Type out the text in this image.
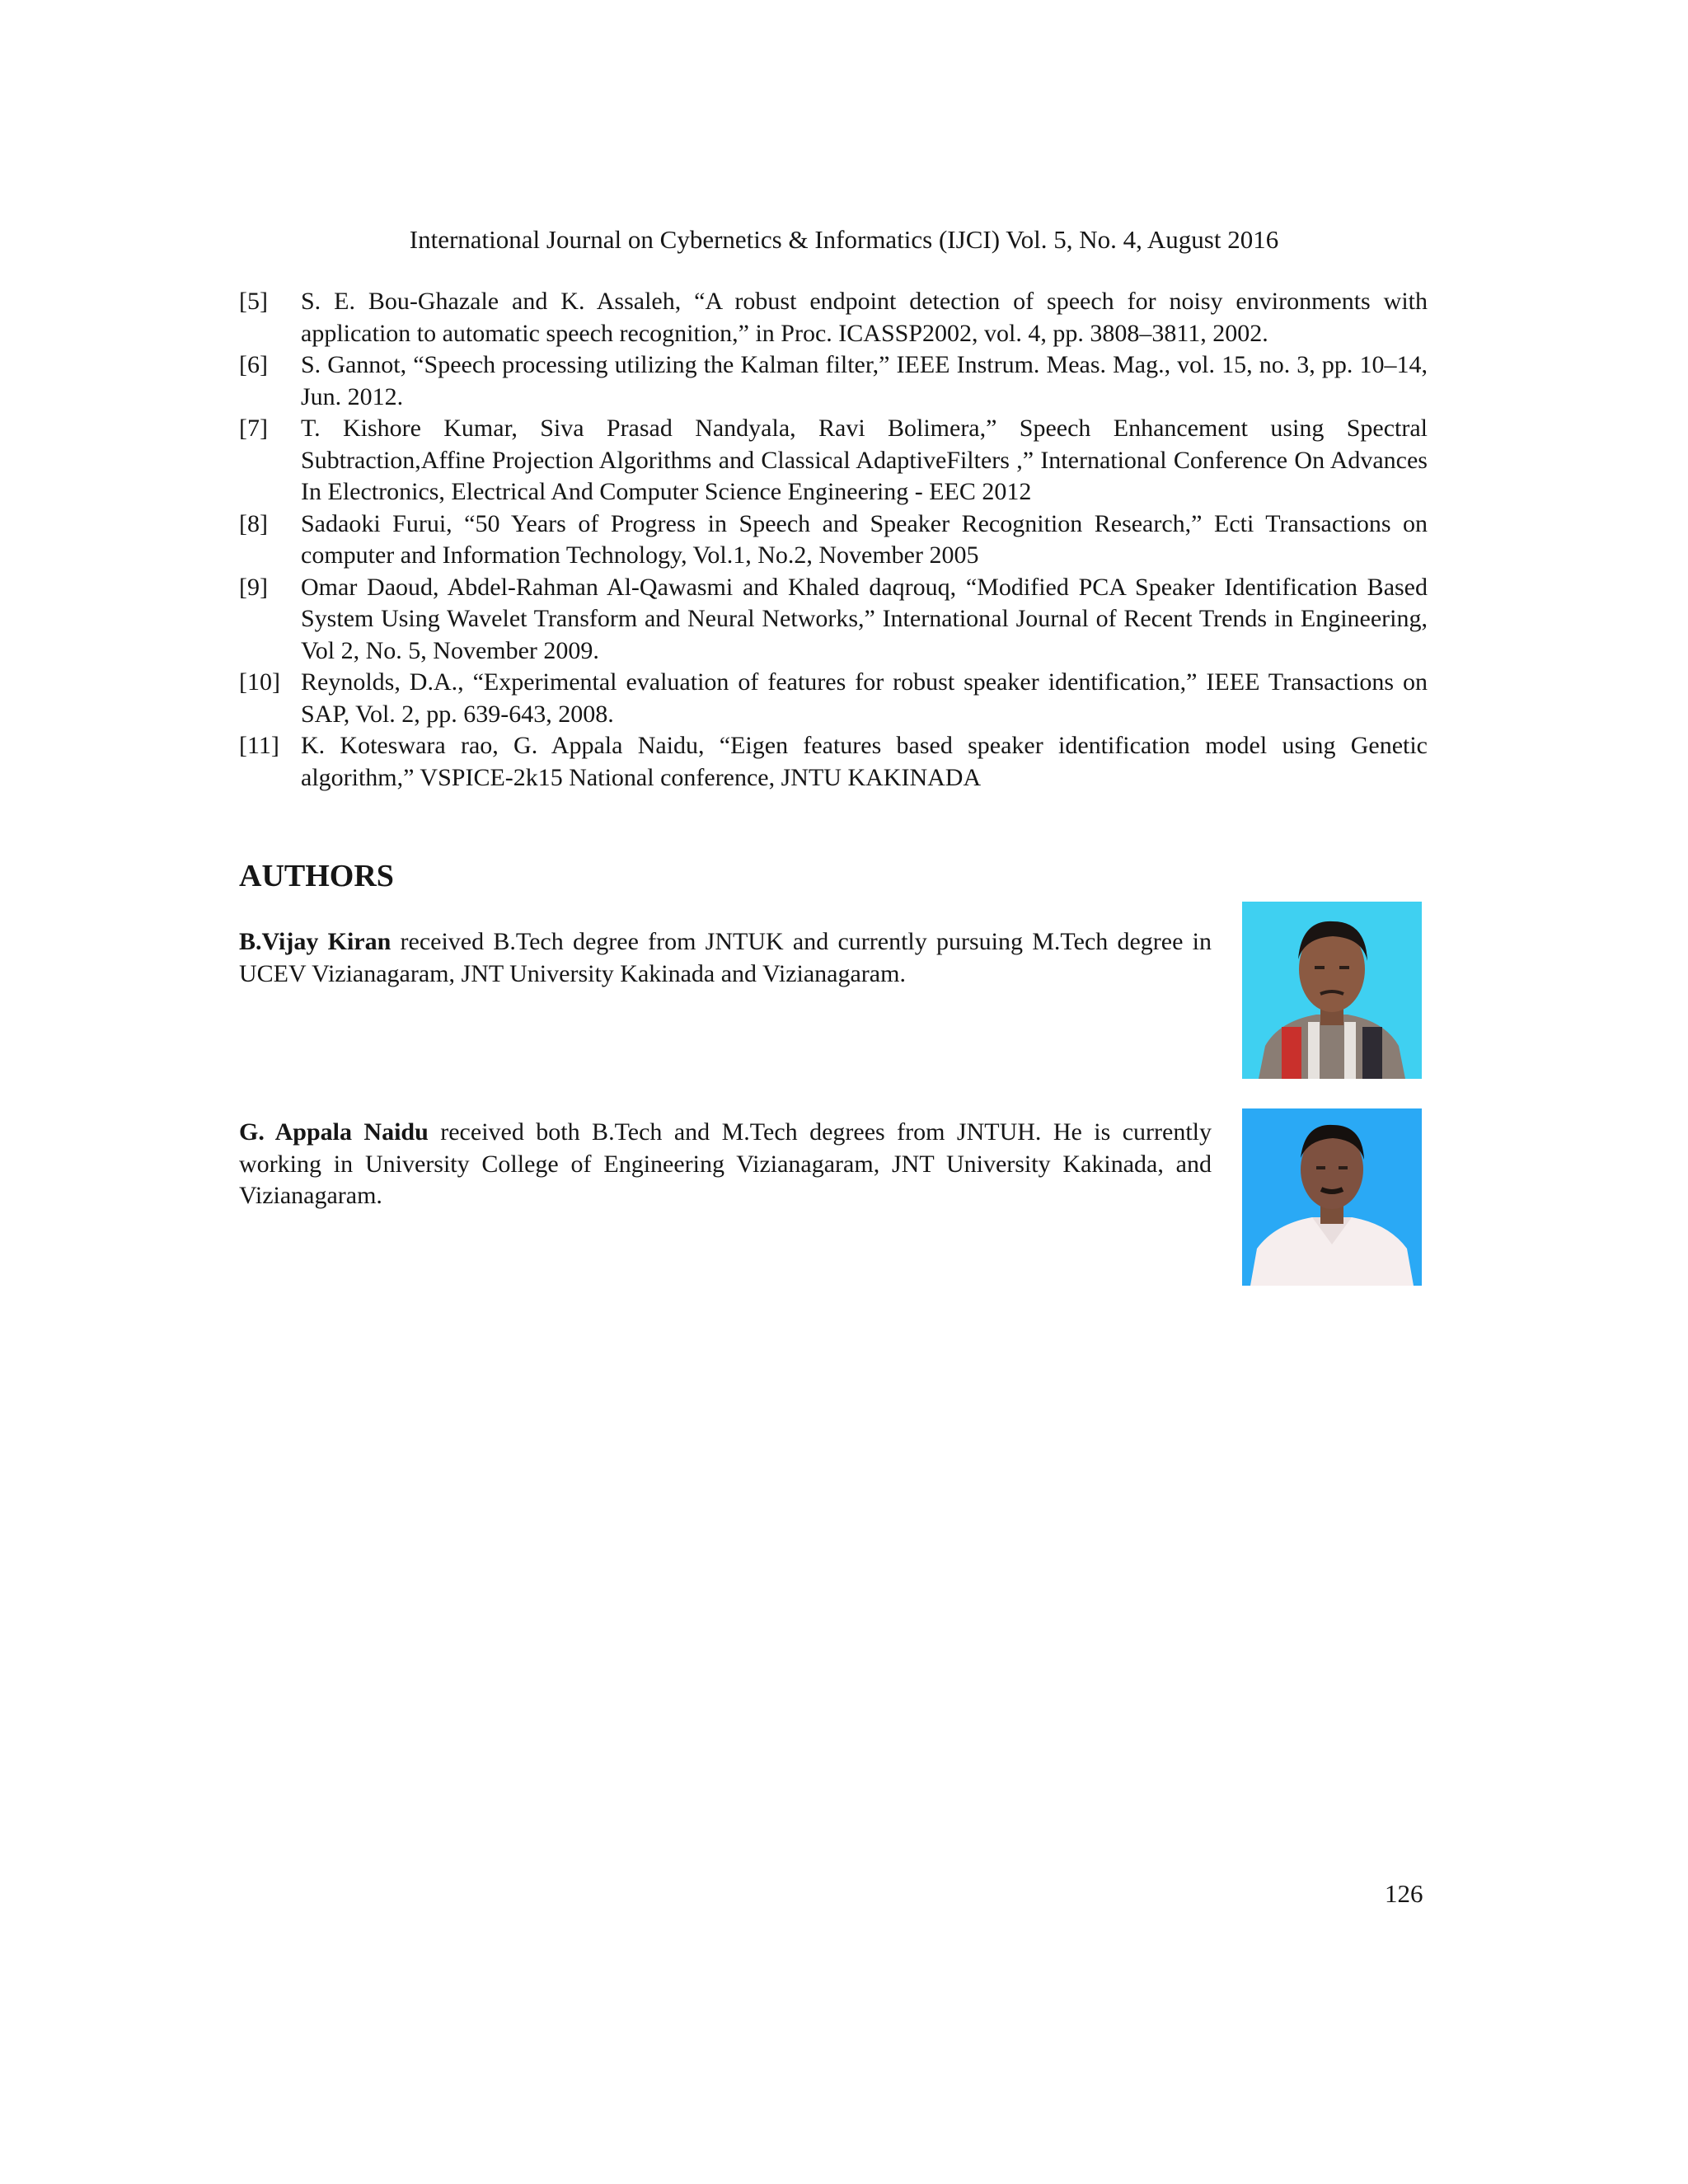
International Journal on Cybernetics & Informatics (IJCI) Vol. 5, No. 4, August 2016
[5] S. E. Bou-Ghazale and K. Assaleh, “A robust endpoint detection of speech for noisy environments with application to automatic speech recognition,” in Proc. ICASSP2002, vol. 4, pp. 3808–3811, 2002.
[6] S. Gannot, “Speech processing utilizing the Kalman filter,” IEEE Instrum. Meas. Mag., vol. 15, no. 3, pp. 10–14, Jun. 2012.
[7] T. Kishore Kumar, Siva Prasad Nandyala, Ravi Bolimera,” Speech Enhancement using Spectral Subtraction,Affine Projection Algorithms and Classical AdaptiveFilters ,” International Conference On Advances In Electronics, Electrical And Computer Science Engineering - EEC 2012
[8] Sadaoki Furui, “50 Years of Progress in Speech and Speaker Recognition Research,” Ecti Transactions on computer and Information Technology, Vol.1, No.2, November 2005
[9] Omar Daoud, Abdel-Rahman Al-Qawasmi and Khaled daqrouq, “Modified PCA Speaker Identification Based System Using Wavelet Transform and Neural Networks,” International Journal of Recent Trends in Engineering, Vol 2, No. 5, November 2009.
[10] Reynolds, D.A., “Experimental evaluation of features for robust speaker identification,” IEEE Transactions on SAP, Vol. 2, pp. 639-643, 2008.
[11] K. Koteswara rao, G. Appala Naidu, “Eigen features based speaker identification model using Genetic algorithm,” VSPICE-2k15 National conference, JNTU KAKINADA
AUTHORS
B.Vijay Kiran received B.Tech degree from JNTUK and currently pursuing M.Tech degree in UCEV Vizianagaram, JNT University Kakinada and Vizianagaram.
G. Appala Naidu received both B.Tech and M.Tech degrees from JNTUH. He is currently working in University College of Engineering Vizianagaram, JNT University Kakinada, and Vizianagaram.
126
